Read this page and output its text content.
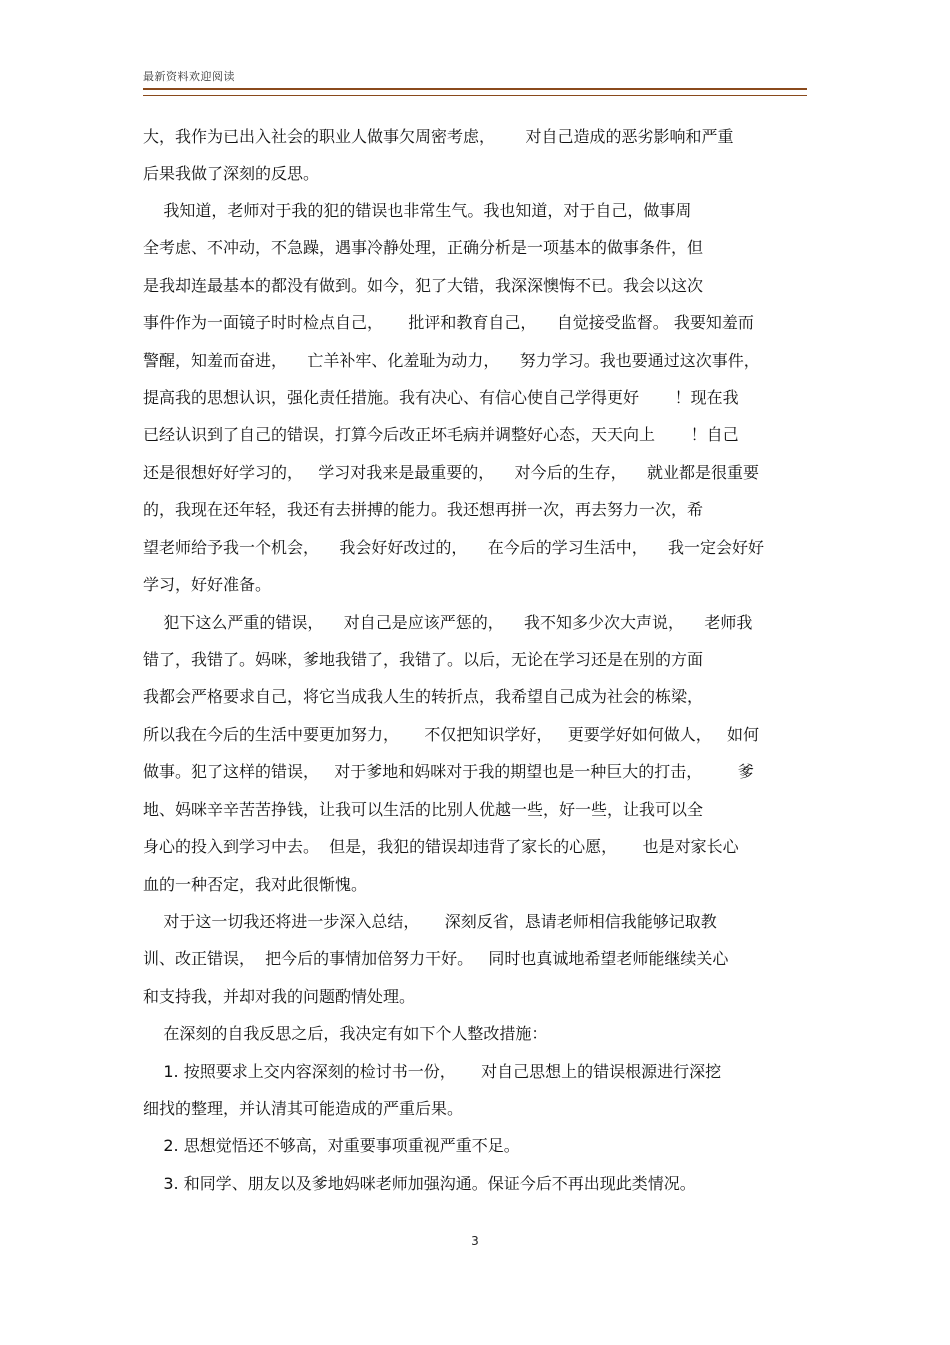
最新资料欢迎阅读
大，我作为已出入社会的职业人做事欠周密考虑，      对自己造成的恶劣影响和严重
后果我做了深刻的反思。
我知道，老师对于我的犯的错误也非常生气。我也知道，对于自己，做事周
全考虑、不冲动，不急躁，遇事冷静处理，正确分析是一项基本的做事条件，但
是我却连最基本的都没有做到。如今，犯了大错，我深深懊悔不已。我会以这次
事件作为一面镜子时时检点自己，     批评和教育自己，    自觉接受监督。 我要知羞而
警醒，知羞而奋进，    亡羊补牢、化羞耻为动力，    努力学习。我也要通过这次事件，
提高我的思想认识，强化责任措施。我有决心、有信心使自己学得更好       ！现在我
已经认识到了自己的错误，打算今后改正坏毛病并调整好心态，天天向上       ！自己
还是很想好好学习的，   学习对我来是最重要的，    对今后的生存，    就业都是很重要
的，我现在还年轻，我还有去拼搏的能力。我还想再拼一次，再去努力一次，希
望老师给予我一个机会，    我会好好改过的，    在今后的学习生活中，    我一定会好好
学习，好好准备。
犯下这么严重的错误，    对自己是应该严惩的，    我不知多少次大声说，    老师我
错了，我错了。妈咪，爹地我错了，我错了。以后，无论在学习还是在别的方面
我都会严格要求自己，将它当成我人生的转折点，我希望自己成为社会的栋梁，
所以我在今后的生活中要更加努力，     不仅把知识学好，   更要学好如何做人，   如何
做事。犯了这样的错误，   对于爹地和妈咪对于我的期望也是一种巨大的打击，       爹
地、妈咪辛辛苦苦挣钱，让我可以生活的比别人优越一些，好一些，让我可以全
身心的投入到学习中去。  但是，我犯的错误却违背了家长的心愿，     也是对家长心
血的一种否定，我对此很惭愧。
对于这一切我还将进一步深入总结，     深刻反省，恳请老师相信我能够记取教
训、改正错误，  把今后的事情加倍努力干好。   同时也真诚地希望老师能继续关心
和支持我，并却对我的问题酌情处理。
在深刻的自我反思之后，我决定有如下个人整改措施：
1. 按照要求上交内容深刻的检讨书一份，     对自己思想上的错误根源进行深挖
细找的整理，并认清其可能造成的严重后果。
2. 思想觉悟还不够高，对重要事项重视严重不足。
3. 和同学、朋友以及爹地妈咪老师加强沟通。保证今后不再出现此类情况。
3
